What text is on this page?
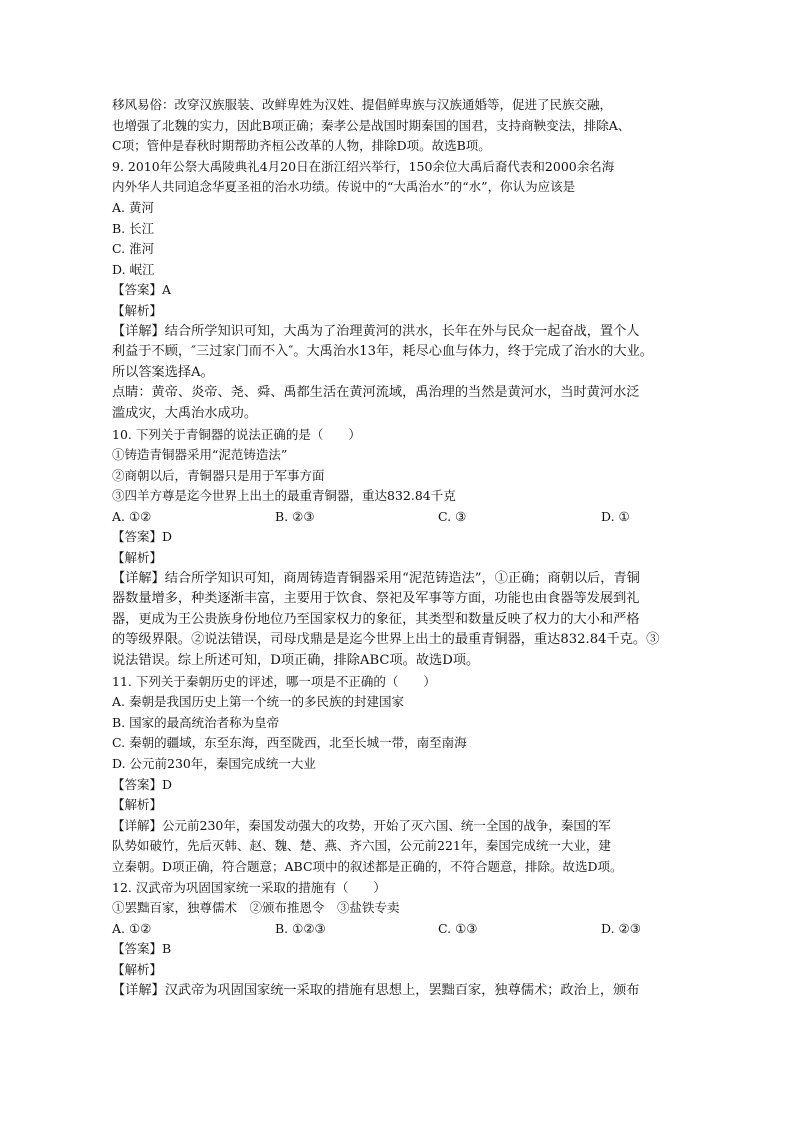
移风易俗：改穿汉族服装、改鲜卑姓为汉姓、提倡鲜卑族与汉族通婚等，促进了民族交融，
也增强了北魏的实力，因此B项正确；秦孝公是战国时期秦国的国君，支持商鞅变法，排除A、
C项；管仲是春秋时期帮助齐桓公改革的人物，排除D项。故选B项。
9. 2010年公祭大禹陵典礼4月20日在浙江绍兴举行，150余位大禹后裔代表和2000余名海
内外华人共同追念华夏圣祖的治水功绩。传说中的“大禹治水”的“水”，你认为应该是
A. 黄河
B. 长江
C. 淮河
D. 岷江
【答案】A
【解析】
【详解】结合所学知识可知，大禹为了治理黄河的洪水，长年在外与民众一起奋战，置个人
利益于不顾，″三过家门而不入″。大禹治水13年，耗尽心血与体力，终于完成了治水的大业。
所以答案选择A。
点睛：黄帝、炎帝、尧、舜、禹都生活在黄河流域，禹治理的当然是黄河水，当时黄河水泛
滥成灾，大禹治水成功。
10. 下列关于青铜器的说法正确的是（　　）
①铸造青铜器采用“泥范铸造法”
②商朝以后，青铜器只是用于军事方面
③四羊方尊是迄今世界上出土的最重青铜器，重达832.84千克
A. ①②	B. ②③	C. ③	D. ①
【答案】D
【解析】
【详解】结合所学知识可知，商周铸造青铜器采用“泥范铸造法”，①正确；商朝以后，青铜
器数量增多，种类逐渐丰富，主要用于饮食、祭祀及军事等方面，功能也由食器等发展到礼
器，更成为王公贵族身份地位乃至国家权力的象征，其类型和数量反映了权力的大小和严格
的等级界限。②说法错误，司母戊鼎是是迄今世界上出土的最重青铜器，重达832.84千克。③
说法错误。综上所述可知，D项正确，排除ABC项。故选D项。
11. 下列关于秦朝历史的评述，哪一项是不正确的（　　）
A. 秦朝是我国历史上第一个统一的多民族的封建国家
B. 国家的最高统治者称为皇帝
C. 秦朝的疆域，东至东海，西至陇西，北至长城一带，南至南海
D. 公元前230年，秦国完成统一大业
【答案】D
【解析】
【详解】公元前230年，秦国发动强大的攻势，开始了灭六国、统一全国的战争，秦国的军
队势如破竹，先后灭韩、赵、魏、楚、燕、齐六国，公元前221年，秦国完成统一大业，建
立秦朝。D项正确，符合题意；ABC项中的叙述都是正确的，不符合题意，排除。故选D项。
12. 汉武帝为巩固国家统一采取的措施有（　　）
①罢黜百家，独尊儒术　②颁布推恩令　③盐铁专卖
A. ①②	B. ①②③	C. ①③	D. ②③
【答案】B
【解析】
【详解】汉武帝为巩固国家统一采取的措施有思想上，罢黜百家，独尊儒术；政治上，颁布
